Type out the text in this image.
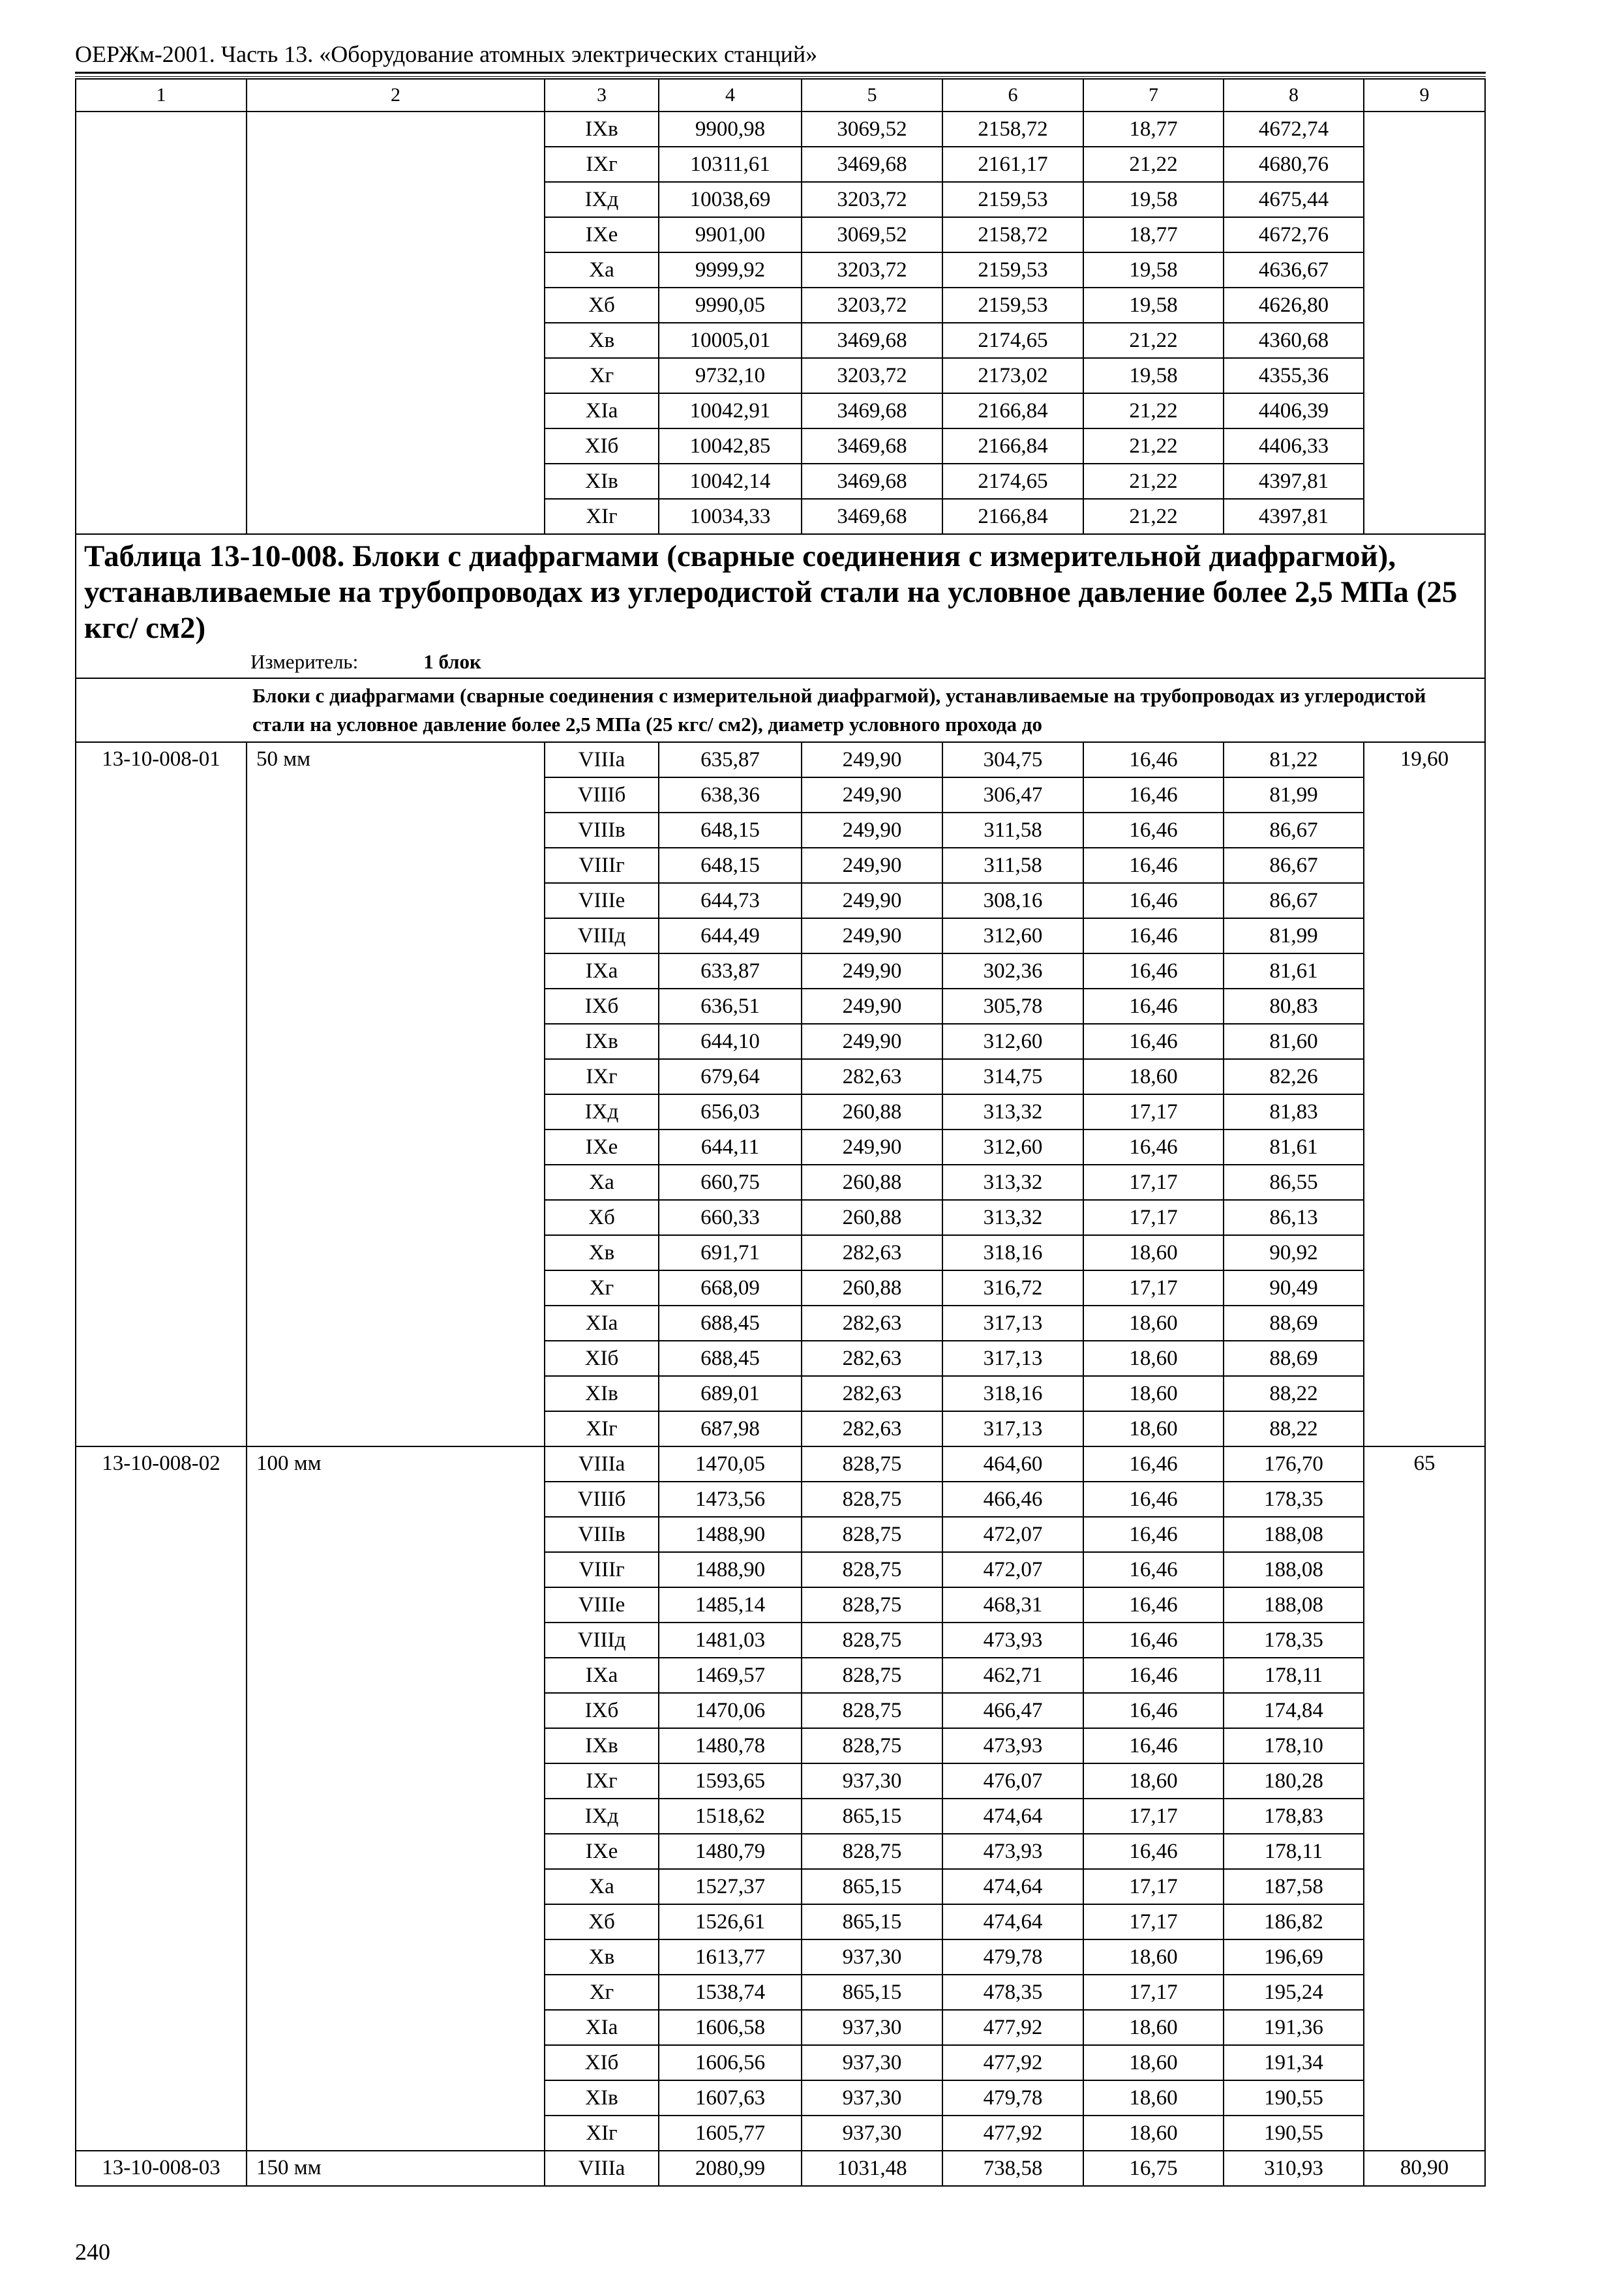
ОЕРЖм-2001. Часть 13. «Оборудование атомных электрических станций»
1	2	3	4	5	6	7	8	9
		IXв	9900,98	3069,52	2158,72	18,77	4672,74	
		IXг	10311,61	3469,68	2161,17	21,22	4680,76	
		IXд	10038,69	3203,72	2159,53	19,58	4675,44	
		IXе	9901,00	3069,52	2158,72	18,77	4672,76	
		Xа	9999,92	3203,72	2159,53	19,58	4636,67	
		Xб	9990,05	3203,72	2159,53	19,58	4626,80	
		Xв	10005,01	3469,68	2174,65	21,22	4360,68	
		Xг	9732,10	3203,72	2173,02	19,58	4355,36	
		XIа	10042,91	3469,68	2166,84	21,22	4406,39	
		XIб	10042,85	3469,68	2166,84	21,22	4406,33	
		XIв	10042,14	3469,68	2174,65	21,22	4397,81	
		XIг	10034,33	3469,68	2166,84	21,22	4397,81	

Таблица 13-10-008. Блоки с диафрагмами (сварные соединения с измерительной диафрагмой), устанавливаемые на трубопроводах из углеродистой стали на условное давление более 2,5 МПа (25 кгс/ см2)
Измеритель: 1 блок								

Блоки с диафрагмами (сварные соединения с измерительной диафрагмой), устанавливаемые на трубопроводах из углеродистой стали на условное давление более 2,5 МПа (25 кгс/ см2), диаметр условного прохода до								
13-10-008-01	50 мм	VIIIа	635,87	249,90	304,75	16,46	81,22	19,60
		VIIIб	638,36	249,90	306,47	16,46	81,99	
		VIIIв	648,15	249,90	311,58	16,46	86,67	
		VIIIг	648,15	249,90	311,58	16,46	86,67	
		VIIIе	644,73	249,90	308,16	16,46	86,67	
		VIIIд	644,49	249,90	312,60	16,46	81,99	
		IXа	633,87	249,90	302,36	16,46	81,61	
		IXб	636,51	249,90	305,78	16,46	80,83	
		IXв	644,10	249,90	312,60	16,46	81,60	
		IXг	679,64	282,63	314,75	18,60	82,26	
		IXд	656,03	260,88	313,32	17,17	81,83	
		IXе	644,11	249,90	312,60	16,46	81,61	
		Xа	660,75	260,88	313,32	17,17	86,55	
		Xб	660,33	260,88	313,32	17,17	86,13	
		Xв	691,71	282,63	318,16	18,60	90,92	
		Xг	668,09	260,88	316,72	17,17	90,49	
		XIа	688,45	282,63	317,13	18,60	88,69	
		XIб	688,45	282,63	317,13	18,60	88,69	
		XIв	689,01	282,63	318,16	18,60	88,22	
		XIг	687,98	282,63	317,13	18,60	88,22	
13-10-008-02	100 мм	VIIIа	1470,05	828,75	464,60	16,46	176,70	65
		VIIIб	1473,56	828,75	466,46	16,46	178,35	
		VIIIв	1488,90	828,75	472,07	16,46	188,08	
		VIIIг	1488,90	828,75	472,07	16,46	188,08	
		VIIIе	1485,14	828,75	468,31	16,46	188,08	
		VIIIд	1481,03	828,75	473,93	16,46	178,35	
		IXа	1469,57	828,75	462,71	16,46	178,11	
		IXб	1470,06	828,75	466,47	16,46	174,84	
		IXв	1480,78	828,75	473,93	16,46	178,10	
		IXг	1593,65	937,30	476,07	18,60	180,28	
		IXд	1518,62	865,15	474,64	17,17	178,83	
		IXе	1480,79	828,75	473,93	16,46	178,11	
		Xа	1527,37	865,15	474,64	17,17	187,58	
		Xб	1526,61	865,15	474,64	17,17	186,82	
		Xв	1613,77	937,30	479,78	18,60	196,69	
		Xг	1538,74	865,15	478,35	17,17	195,24	
		XIа	1606,58	937,30	477,92	18,60	191,36	
		XIб	1606,56	937,30	477,92	18,60	191,34	
		XIв	1607,63	937,30	479,78	18,60	190,55	
		XIг	1605,77	937,30	477,92	18,60	190,55	
13-10-008-03	150 мм	VIIIа	2080,99	1031,48	738,58	16,75	310,93	80,90
240
